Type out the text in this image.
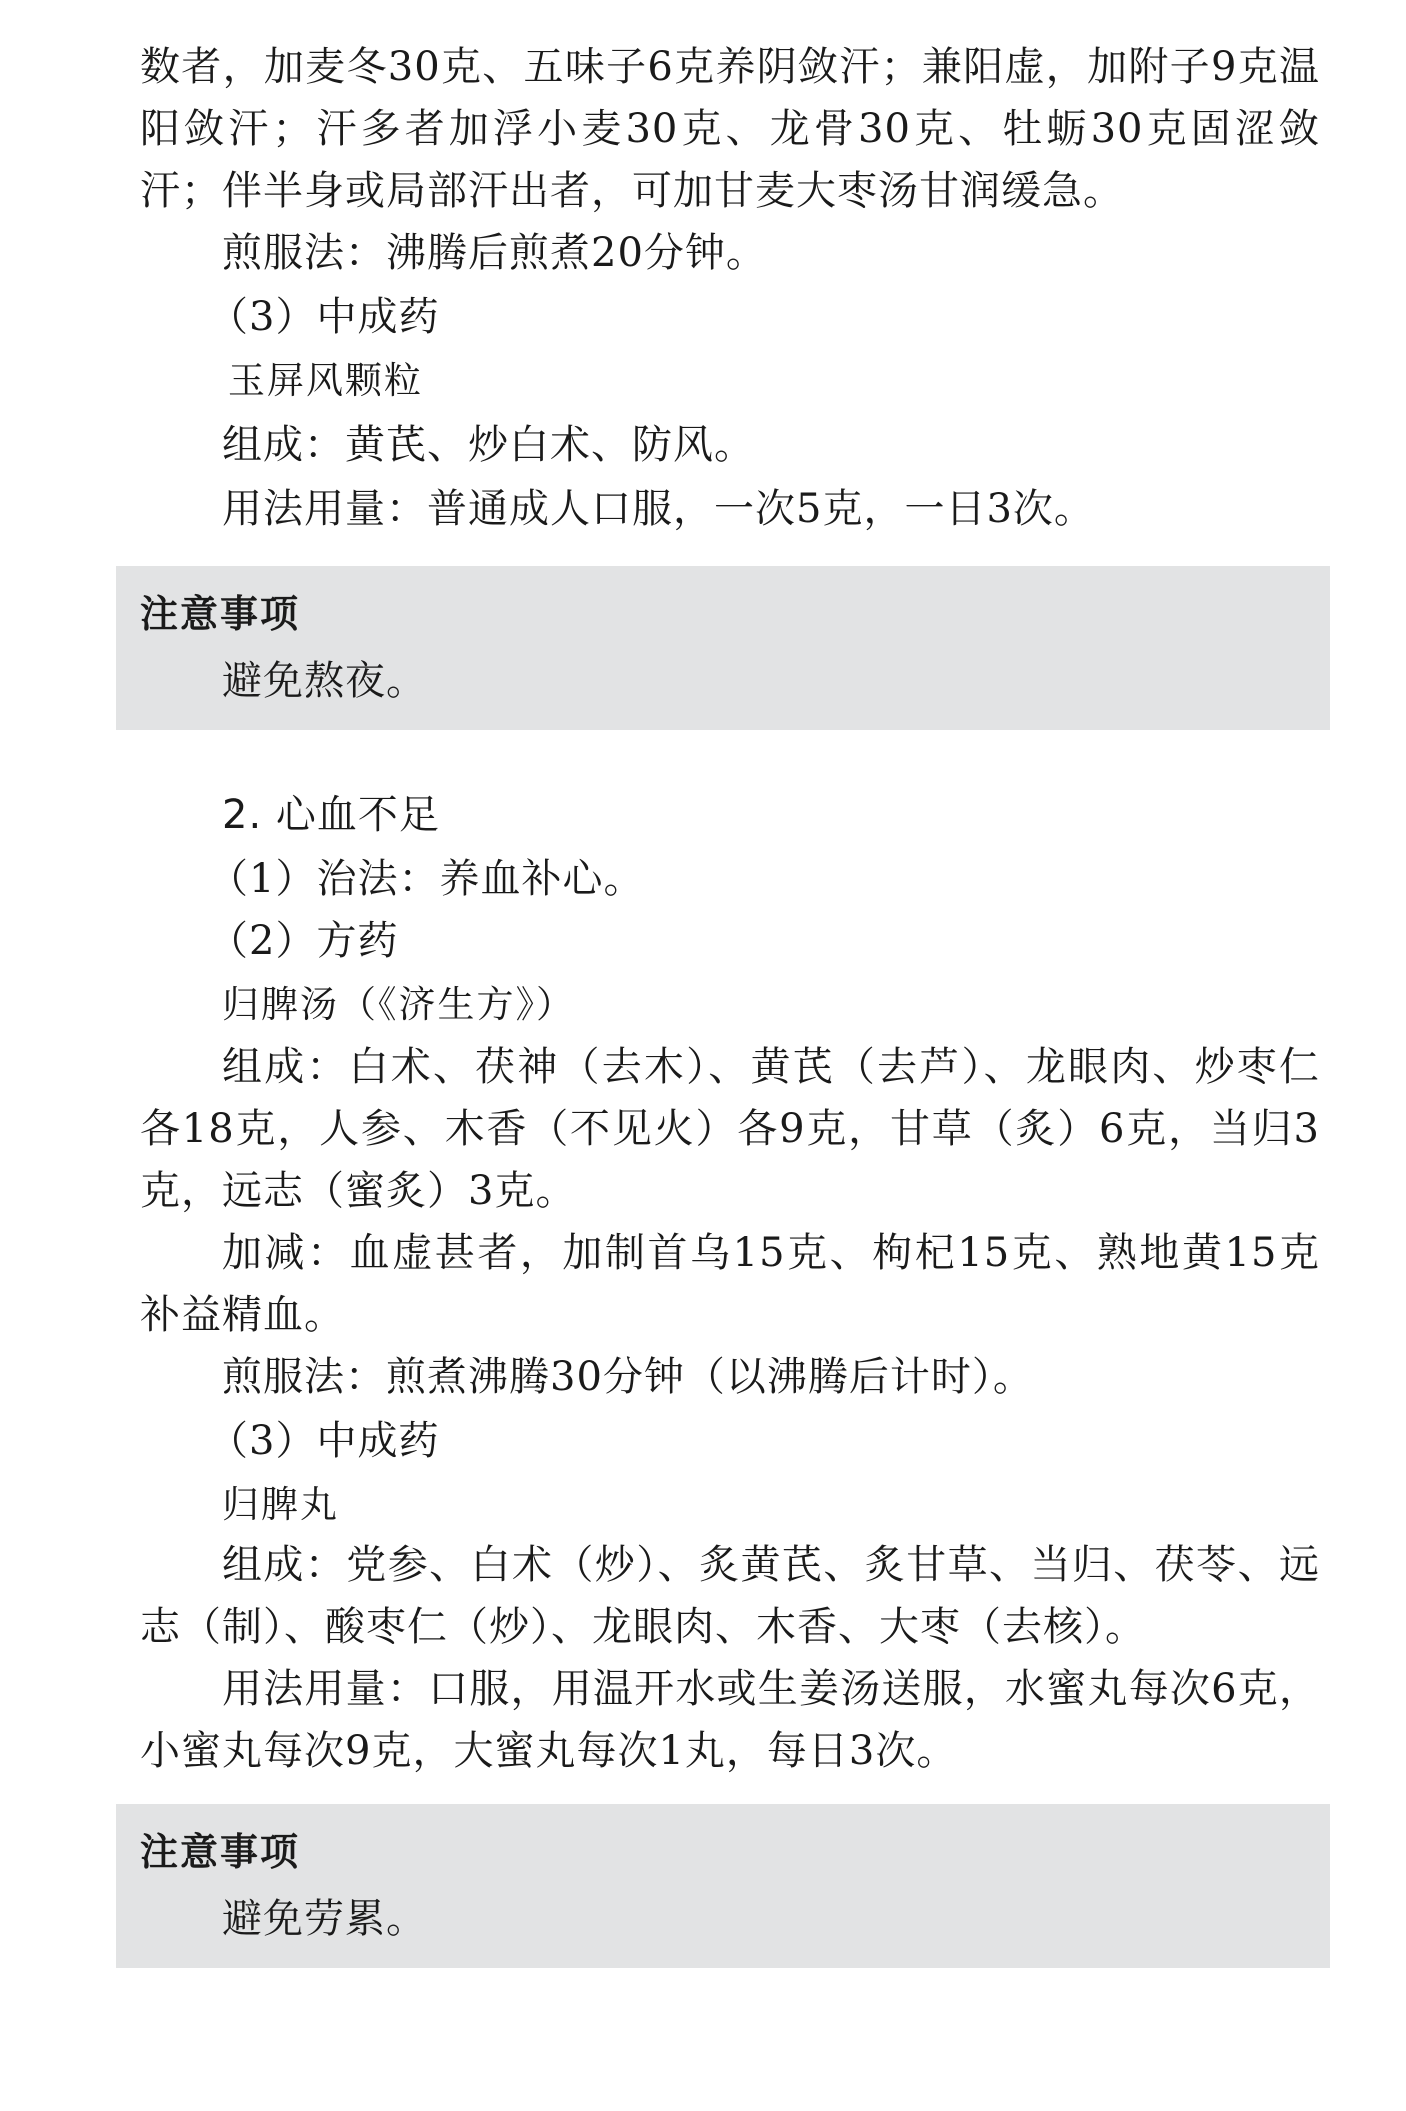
数者，加麦冬30克、五味子6克养阴敛汗；兼阳虚，加附子9克温阳敛汗；汗多者加浮小麦30克、龙骨30克、牡蛎30克固涩敛汗；伴半身或局部汗出者，可加甘麦大枣汤甘润缓急。

煎服法：沸腾后煎煮20分钟。

（3）中成药

玉屏风颗粒

组成：黄芪、炒白术、防风。

用法用量：普通成人口服，一次5克，一日3次。

注意事项

避免熬夜。

2. 心血不足

（1）治法：养血补心。

（2）方药

归脾汤（《济生方》）

组成：白术、茯神（去木）、黄芪（去芦）、龙眼肉、炒枣仁各18克，人参、木香（不见火）各9克，甘草（炙）6克，当归3克，远志（蜜炙）3克。

加减：血虚甚者，加制首乌15克、枸杞15克、熟地黄15克补益精血。

煎服法：煎煮沸腾30分钟（以沸腾后计时）。

（3）中成药

归脾丸

组成：党参、白术（炒）、炙黄芪、炙甘草、当归、茯苓、远志（制）、酸枣仁（炒）、龙眼肉、木香、大枣（去核）。

用法用量：口服，用温开水或生姜汤送服，水蜜丸每次6克，小蜜丸每次9克，大蜜丸每次1丸，每日3次。

注意事项

避免劳累。
